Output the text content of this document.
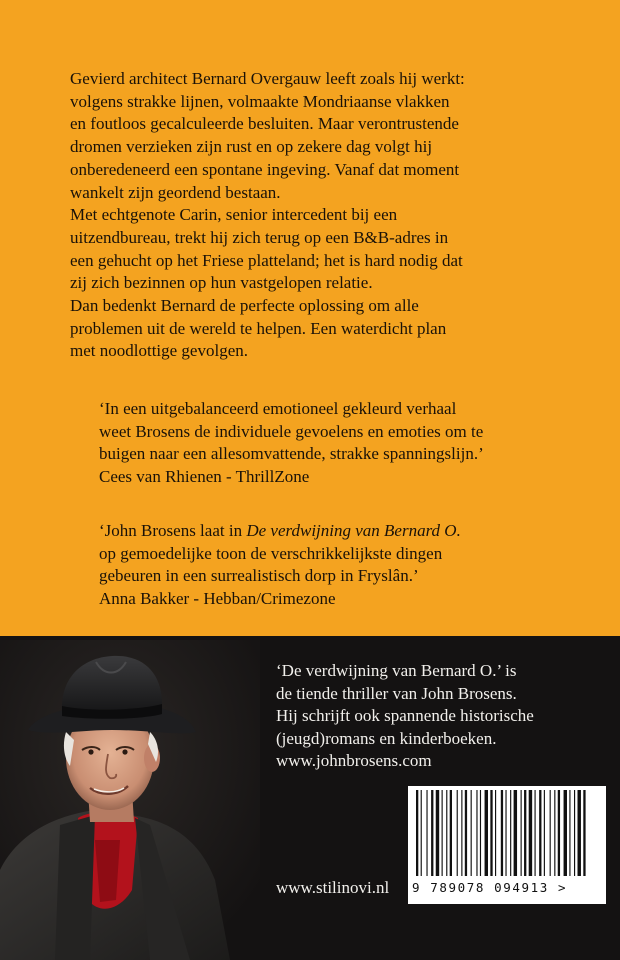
Gevierd architect Bernard Overgauw leeft zoals hij werkt:

volgens strakke lijnen, volmaakte Mondriaanse vlakken

en foutloos gecalculeerde besluiten. Maar verontrustende

dromen verzieken zijn rust en op zekere dag volgt hij

onberedeneerd een spontane ingeving. Vanaf dat moment

wankelt zijn geordend bestaan.

Met echtgenote Carin, senior intercedent bij een

uitzendbureau, trekt hij zich terug op een B&B-adres in

een gehucht op het Friese platteland; het is hard nodig dat

zij zich bezinnen op hun vastgelopen relatie.

Dan bedenkt Bernard de perfecte oplossing om alle

problemen uit de wereld te helpen. Een waterdicht plan

met noodlottige gevolgen.

‘In een uitgebalanceerd emotioneel gekleurd verhaal

weet Brosens de individuele gevoelens en emoties om te

buigen naar een allesomvattende, strakke spanningslijn.’

Cees van Rhienen - ThrillZone

‘John Brosens laat in De verdwijning van Bernard O.

op gemoedelijke toon de verschrikkelijkste dingen

gebeuren in een surrealistisch dorp in Fryslân.’

Anna Bakker - Hebban/Crimezone

‘De verdwijning van Bernard O.’ is

de tiende thriller van John Brosens.

Hij schrijft ook spannende historische

(jeugd)romans en kinderboeken.

www.johnbrosens.com

9 789078 094913 >
www.stilinovi.nl
